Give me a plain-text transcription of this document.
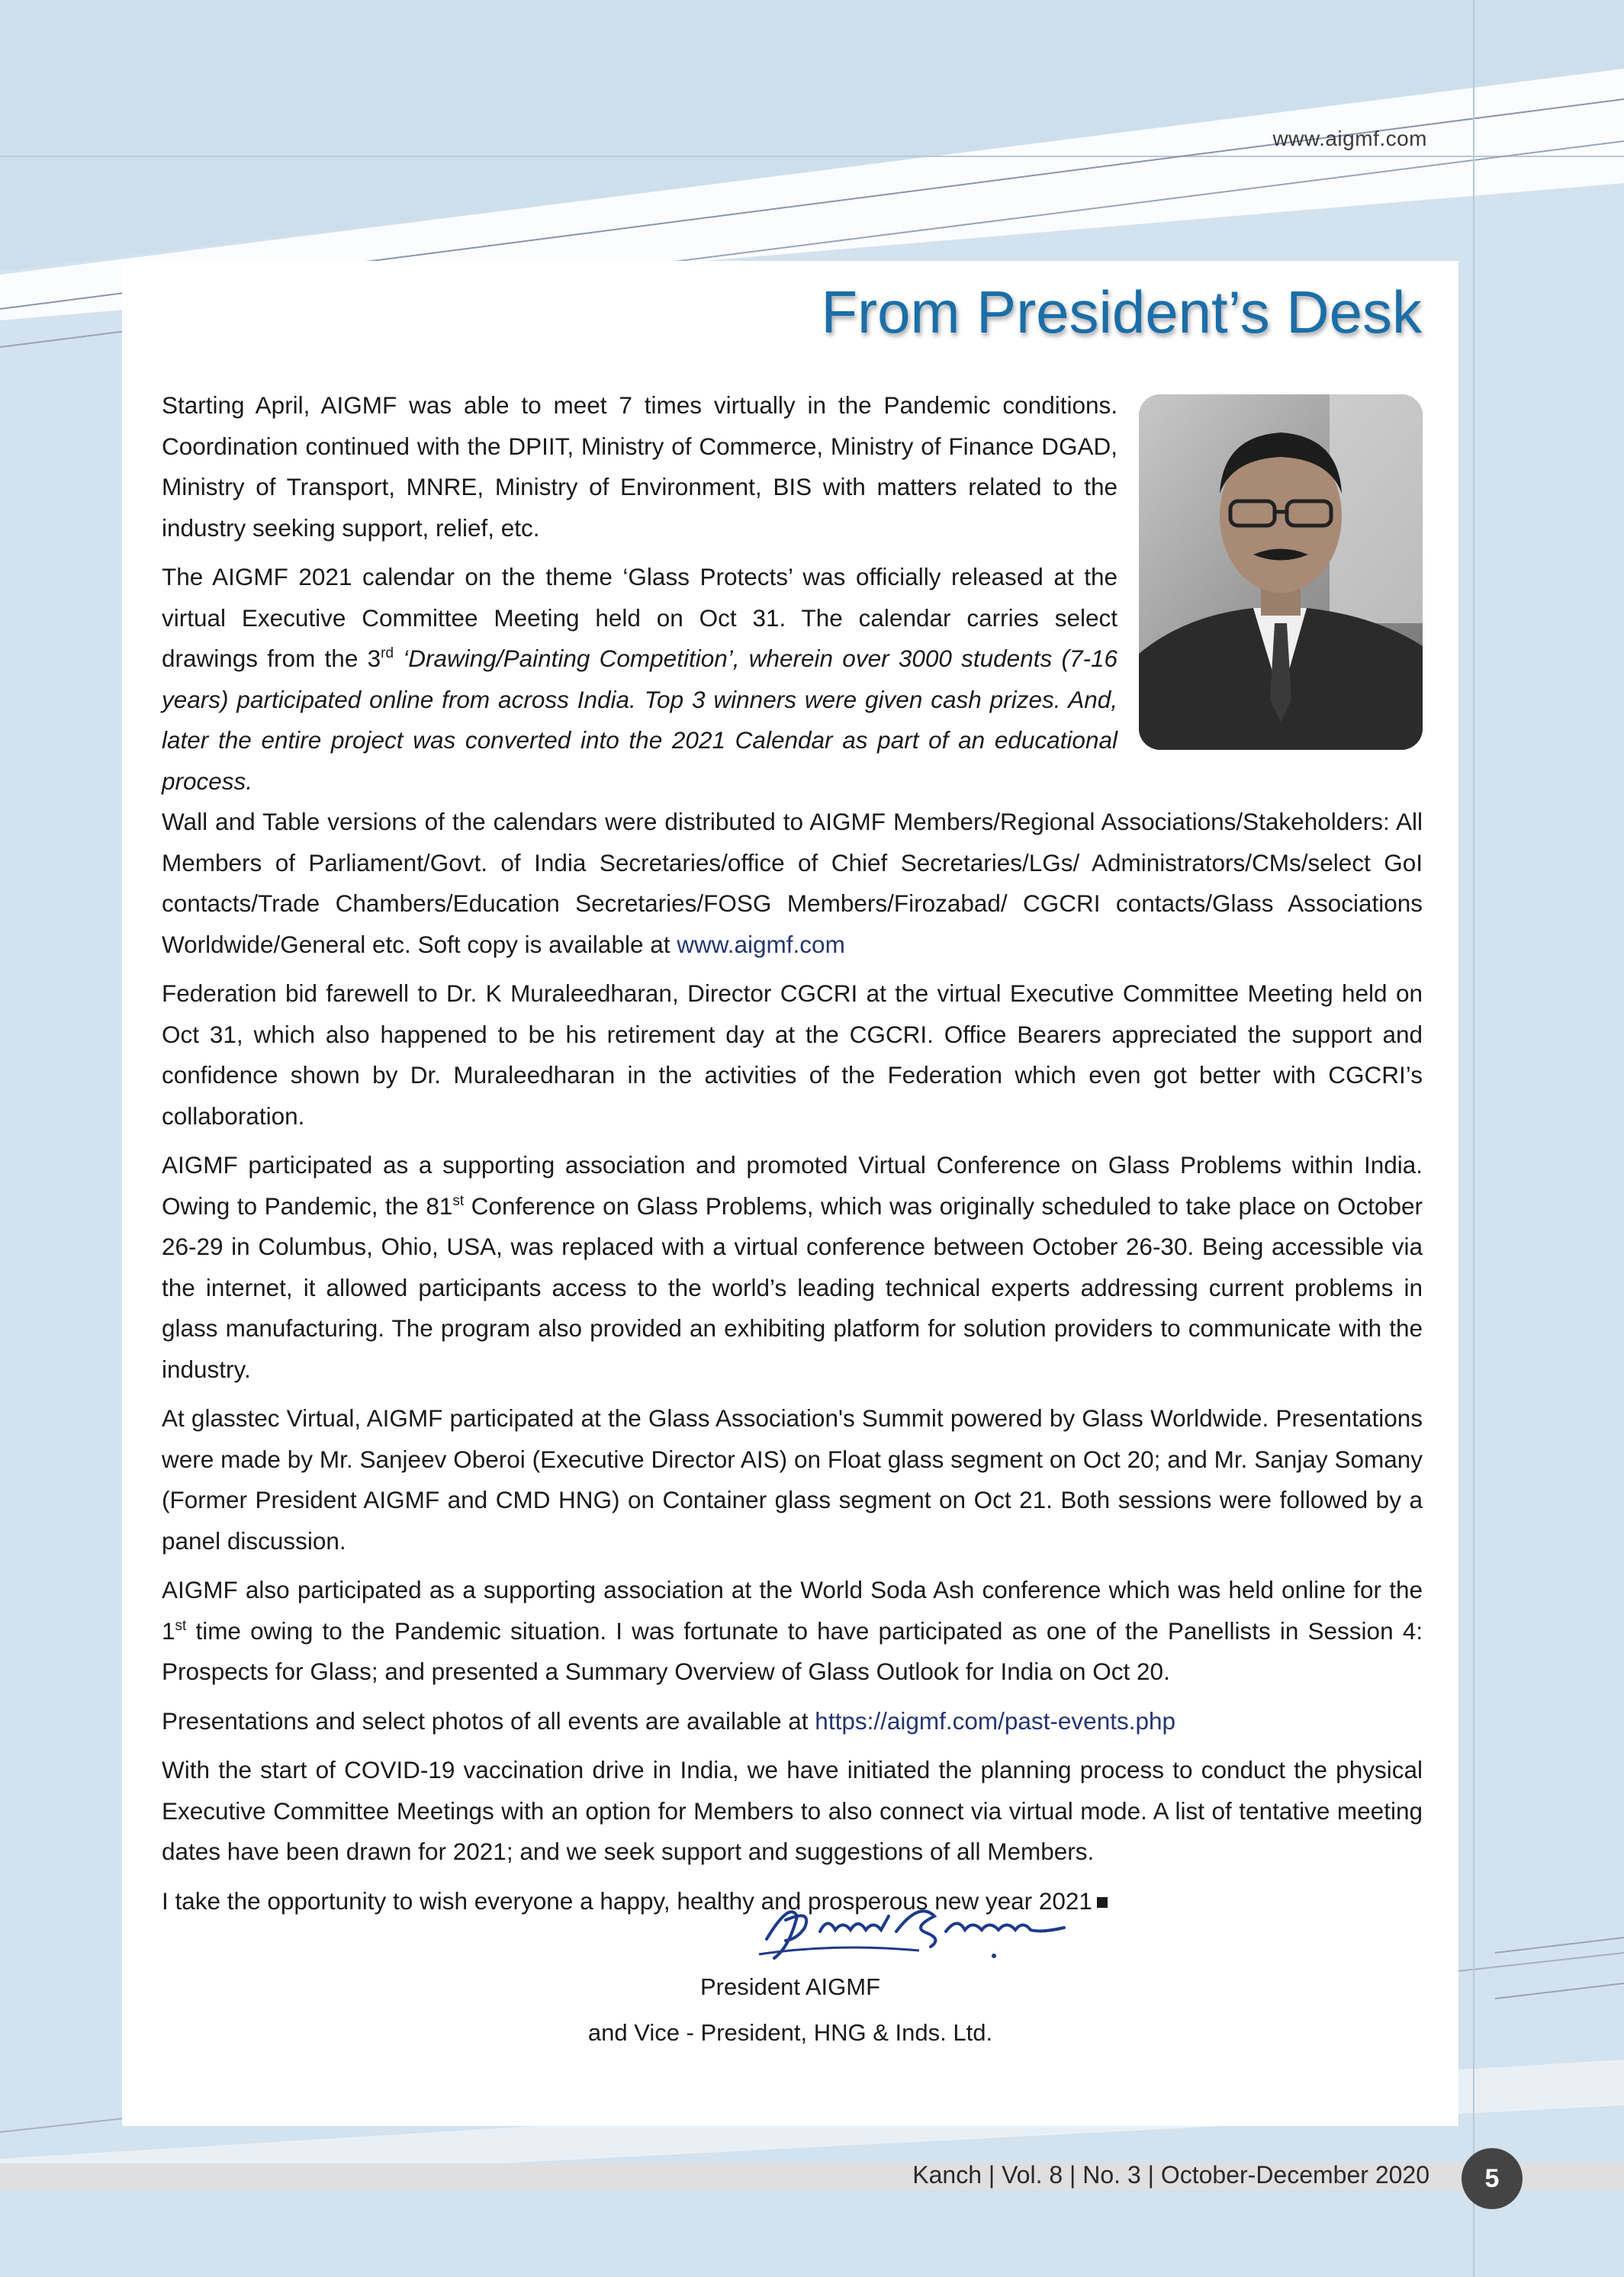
www.aigmf.com
From President’s Desk

Starting April, AIGMF was able to meet 7 times virtually in the Pandemic conditions. Coordination continued with the DPIIT, Ministry of Commerce, Ministry of Finance DGAD, Ministry of Transport, MNRE, Ministry of Environment, BIS with matters related to the industry seeking support, relief, etc.

The AIGMF 2021 calendar on the theme ‘Glass Protects’ was officially released at the virtual Executive Committee Meeting held on Oct 31. The calendar carries select drawings from the 3rd ‘Drawing/Painting Competition’, wherein over 3000 students (7-16 years) participated online from across India. Top 3 winners were given cash prizes. And, later the entire project was converted into the 2021 Calendar as part of an educational process.
Wall and Table versions of the calendars were distributed to AIGMF Members/Regional Associations/Stakeholders: All Members of Parliament/Govt. of India Secretaries/office of Chief Secretaries/LGs/ Administrators/CMs/select GoI contacts/Trade Chambers/Education Secretaries/FOSG Members/Firozabad/ CGCRI contacts/Glass Associations Worldwide/General etc. Soft copy is available at www.aigmf.com

Federation bid farewell to Dr. K Muraleedharan, Director CGCRI at the virtual Executive Committee Meeting held on Oct 31, which also happened to be his retirement day at the CGCRI. Office Bearers appreciated the support and confidence shown by Dr. Muraleedharan in the activities of the Federation which even got better with CGCRI’s collaboration.

AIGMF participated as a supporting association and promoted Virtual Conference on Glass Problems within India. Owing to Pandemic, the 81st Conference on Glass Problems, which was originally scheduled to take place on October 26-29 in Columbus, Ohio, USA, was replaced with a virtual conference between October 26-30. Being accessible via the internet, it allowed participants access to the world’s leading technical experts addressing current problems in glass manufacturing. The program also provided an exhibiting platform for solution providers to communicate with the industry.

At glasstec Virtual, AIGMF participated at the Glass Association's Summit powered by Glass Worldwide. Presentations were made by Mr. Sanjeev Oberoi (Executive Director AIS) on Float glass segment on Oct 20; and Mr. Sanjay Somany (Former President AIGMF and CMD HNG) on Container glass segment on Oct 21. Both sessions were followed by a panel discussion.

AIGMF also participated as a supporting association at the World Soda Ash conference which was held online for the 1st time owing to the Pandemic situation. I was fortunate to have participated as one of the Panellists in Session 4: Prospects for Glass; and presented a Summary Overview of Glass Outlook for India on Oct 20.

Presentations and select photos of all events are available at https://aigmf.com/past-events.php

With the start of COVID-19 vaccination drive in India, we have initiated the planning process to conduct the physical Executive Committee Meetings with an option for Members to also connect via virtual mode. A list of tentative meeting dates have been drawn for 2021; and we seek support and suggestions of all Members.

I take the opportunity to wish everyone a happy, healthy and prosperous new year 2021

President AIGMF
and Vice - President, HNG & Inds. Ltd.
Kanch | Vol. 8 | No. 3 | October-December 2020	5
